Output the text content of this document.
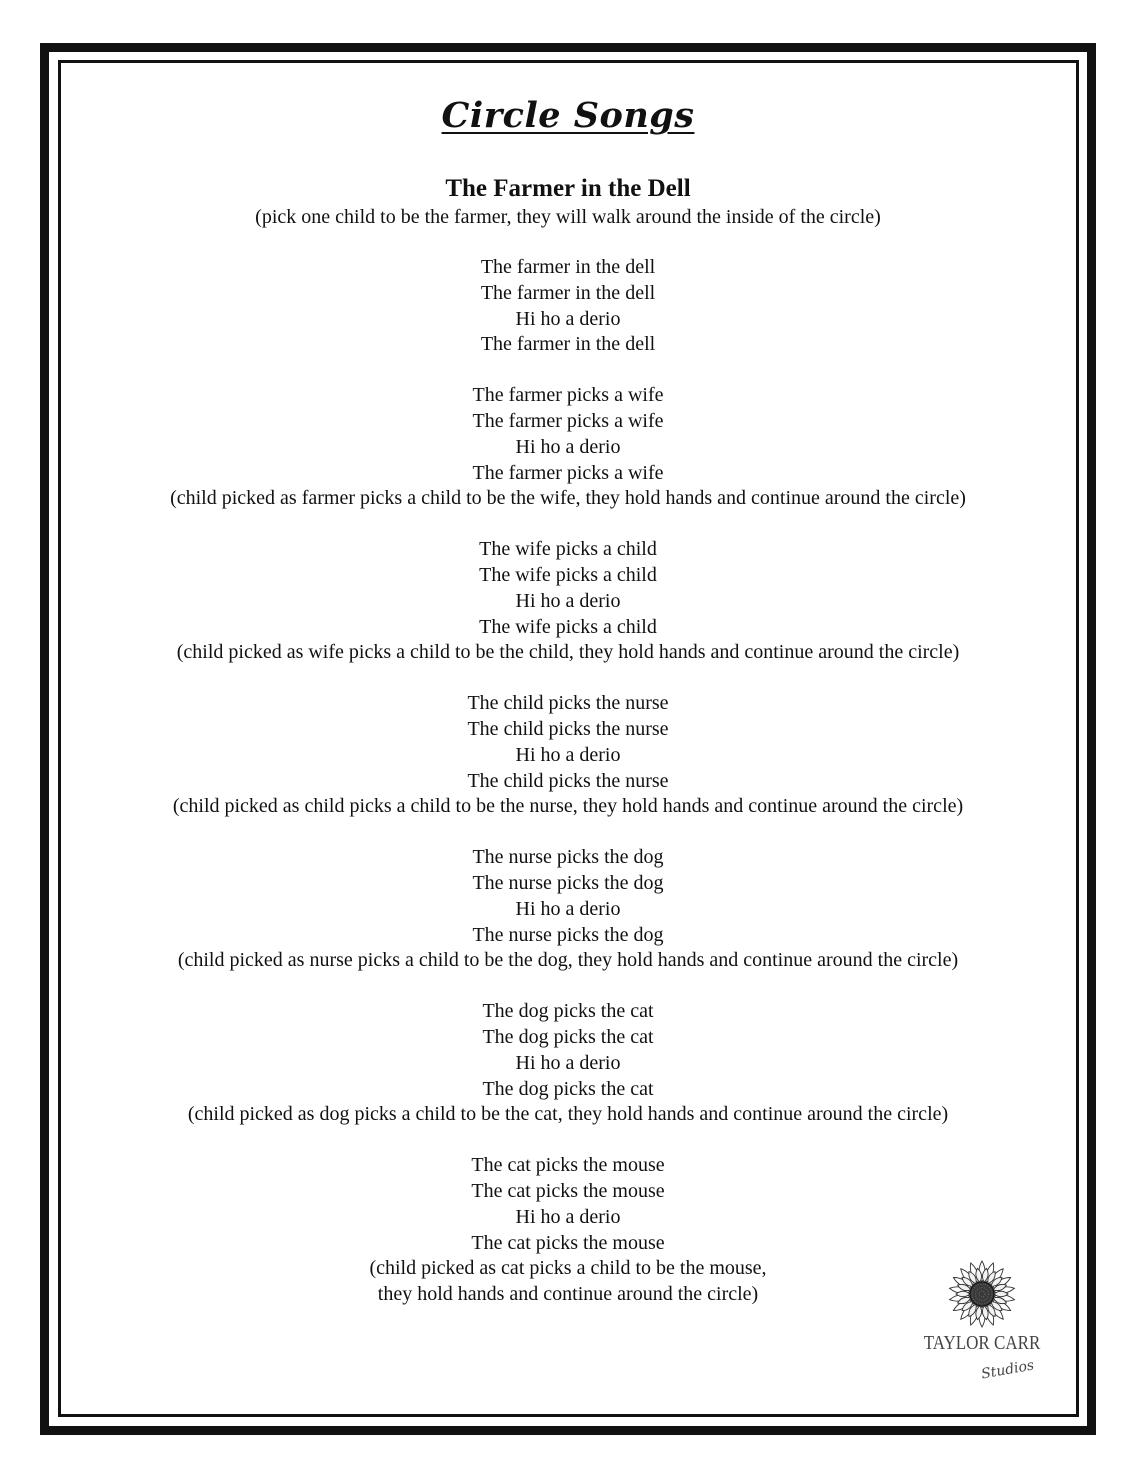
Circle Songs
The Farmer in the Dell

(pick one child to be the farmer, they will walk around the inside of the circle)

The farmer in the dell
The farmer in the dell
Hi ho a derio
The farmer in the dell
The farmer picks a wife
The farmer picks a wife
Hi ho a derio
The farmer picks a wife
(child picked as farmer picks a child to be the wife, they hold hands and continue around the circle)
The wife picks a child
The wife picks a child
Hi ho a derio
The wife picks a child
(child picked as wife picks a child to be the child, they hold hands and continue around the circle)
The child picks the nurse
The child picks the nurse
Hi ho a derio
The child picks the nurse
(child picked as child picks a child to be the nurse, they hold hands and continue around the circle)
The nurse picks the dog
The nurse picks the dog
Hi ho a derio
The nurse picks the dog
(child picked as nurse picks a child to be the dog, they hold hands and continue around the circle)
The dog picks the cat
The dog picks the cat
Hi ho a derio
The dog picks the cat
(child picked as dog picks a child to be the cat, they hold hands and continue around the circle)
The cat picks the mouse
The cat picks the mouse
Hi ho a derio
The cat picks the mouse
(child picked as cat picks a child to be the mouse,
they hold hands and continue around the circle)
TAYLOR CARR
Studios
